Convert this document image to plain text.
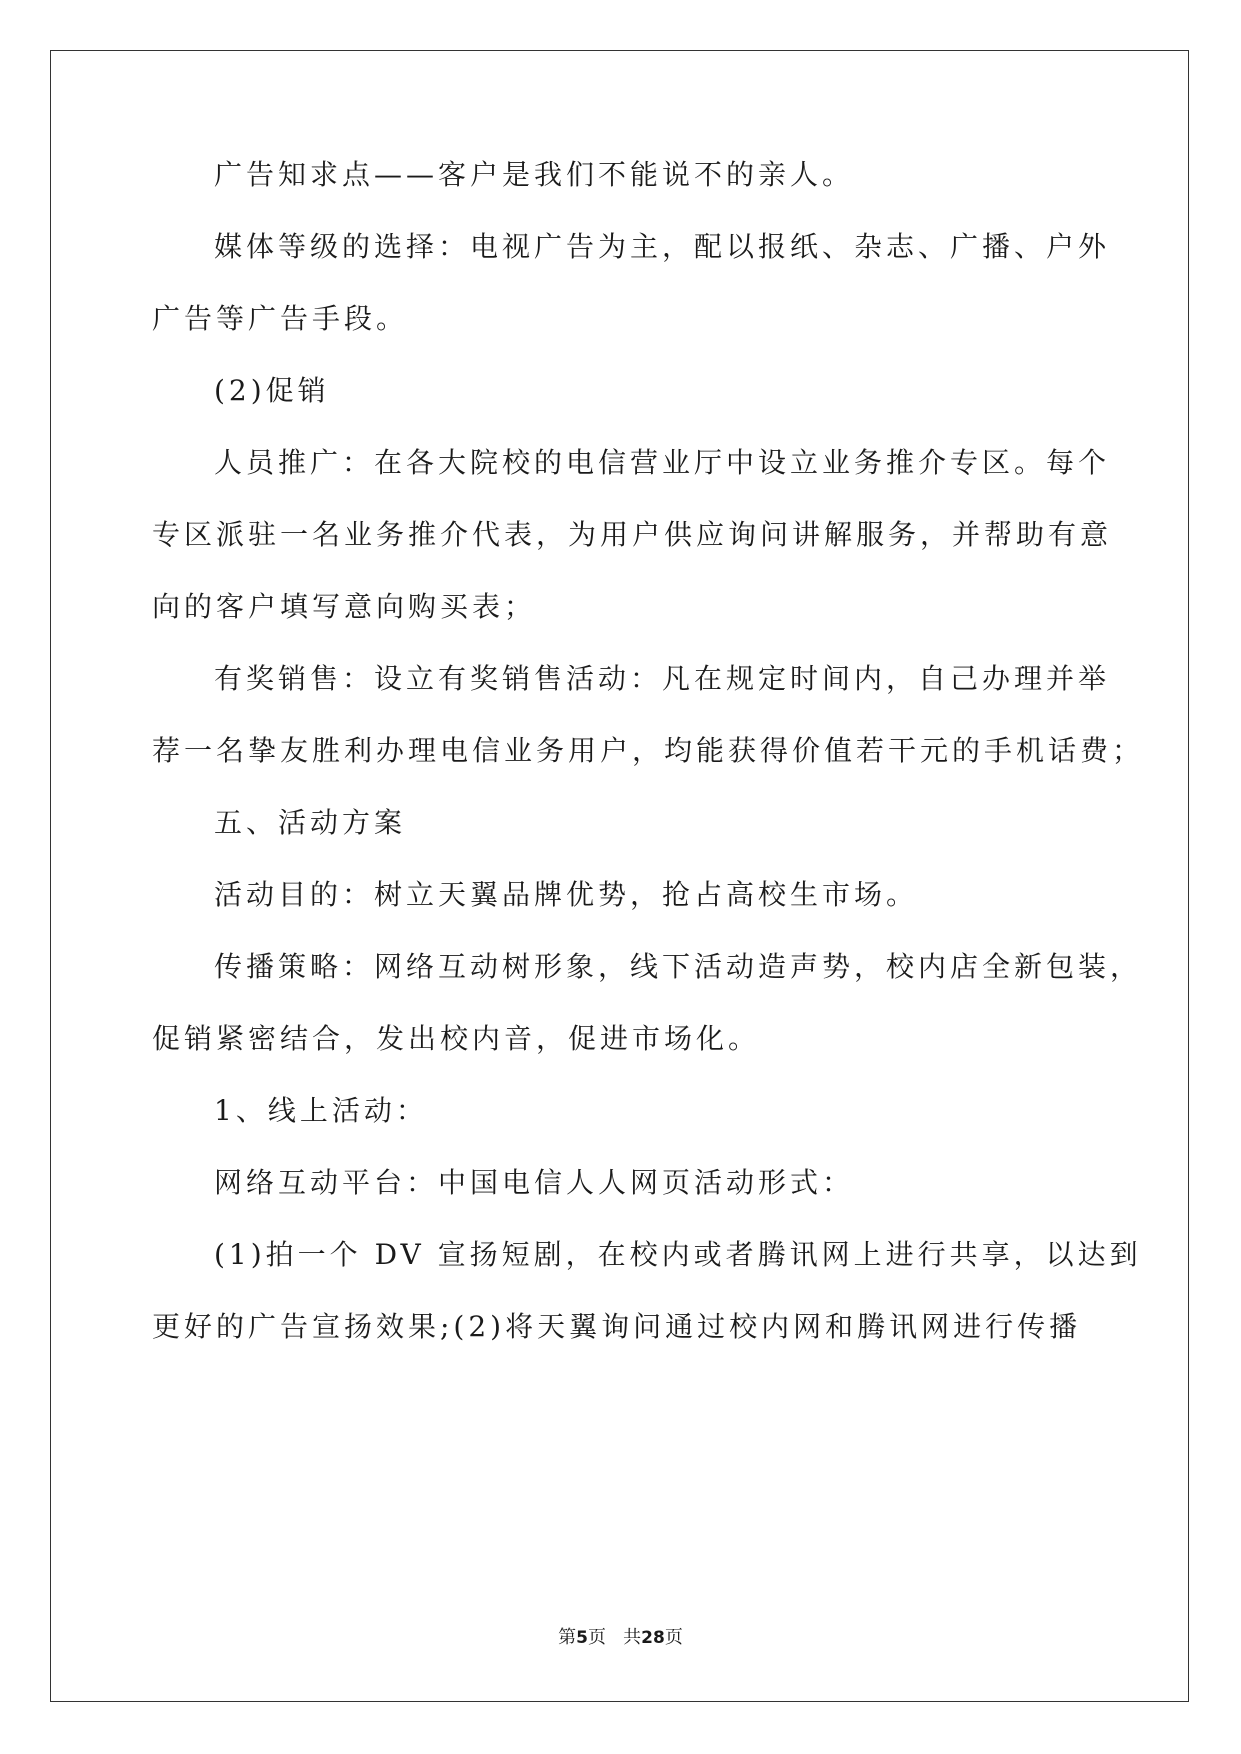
广告知求点——客户是我们不能说不的亲人。
媒体等级的选择：电视广告为主，配以报纸、杂志、广播、户外
广告等广告手段。
(2)促销
人员推广：在各大院校的电信营业厅中设立业务推介专区。每个
专区派驻一名业务推介代表，为用户供应询问讲解服务，并帮助有意
向的客户填写意向购买表；
有奖销售：设立有奖销售活动：凡在规定时间内，自己办理并举
荐一名挚友胜利办理电信业务用户，均能获得价值若干元的手机话费；
五、活动方案
活动目的：树立天翼品牌优势，抢占高校生市场。
传播策略：网络互动树形象，线下活动造声势，校内店全新包装，
促销紧密结合，发出校内音，促进市场化。
1、线上活动：
网络互动平台：中国电信人人网页活动形式：
(1)拍一个 DV 宣扬短剧，在校内或者腾讯网上进行共享，以达到
更好的广告宣扬效果;(2)将天翼询问通过校内网和腾讯网进行传播
第5页   共28页
